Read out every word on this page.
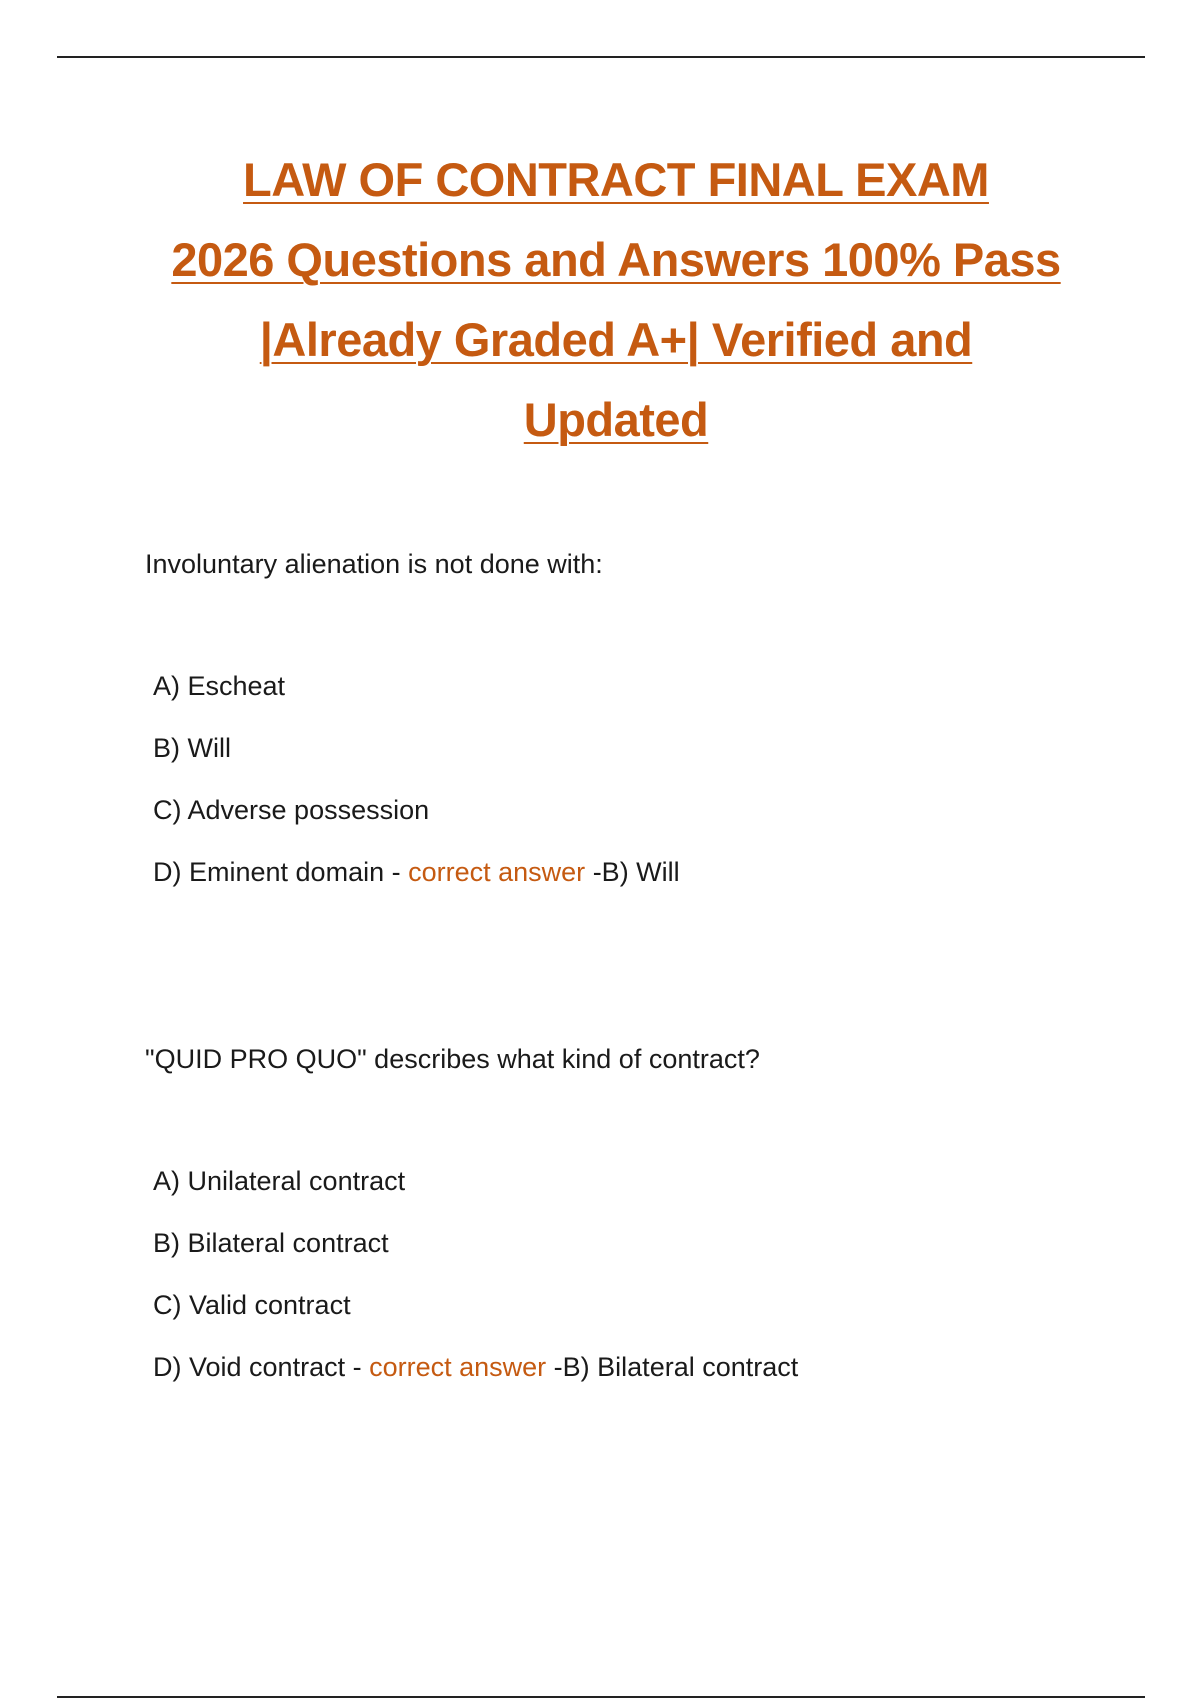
LAW OF CONTRACT FINAL EXAM
2026 Questions and Answers 100% Pass
|Already Graded A+| Verified and
Updated

Involuntary alienation is not done with:

A) Escheat
B) Will
C) Adverse possession
D) Eminent domain - correct answer -B) Will

"QUID PRO QUO" describes what kind of contract?

A) Unilateral contract
B) Bilateral contract
C) Valid contract
D) Void contract - correct answer -B) Bilateral contract
